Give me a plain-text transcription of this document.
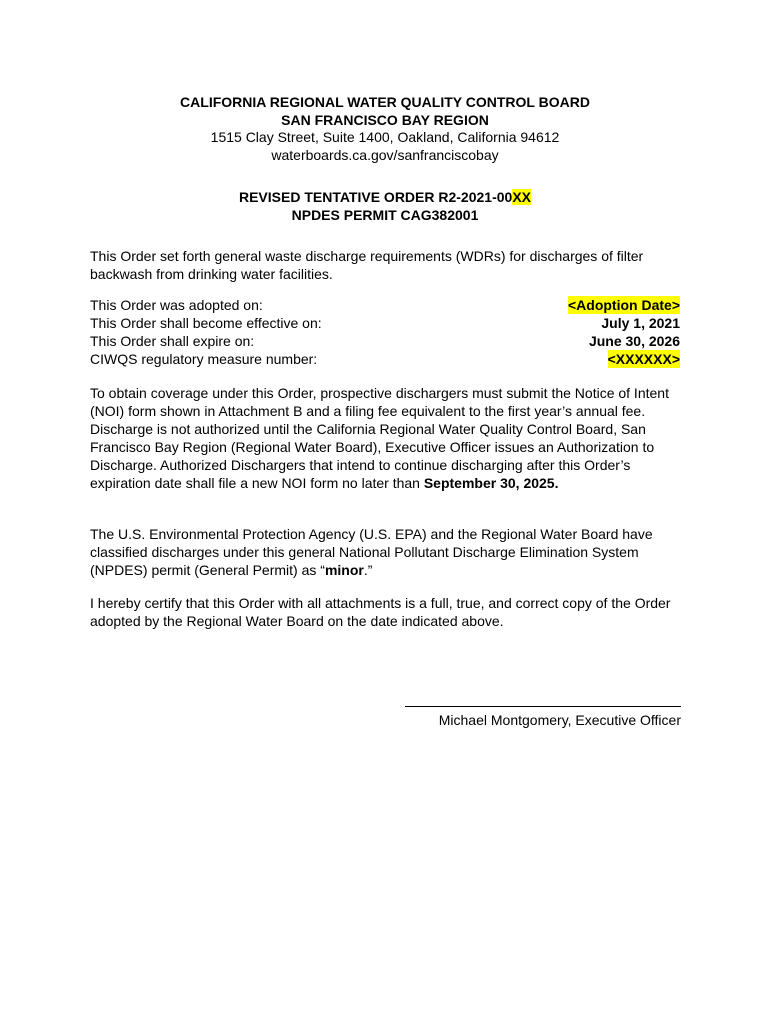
CALIFORNIA REGIONAL WATER QUALITY CONTROL BOARD
SAN FRANCISCO BAY REGION
1515 Clay Street, Suite 1400, Oakland, California 94612
waterboards.ca.gov/sanfranciscobay
REVISED TENTATIVE ORDER R2-2021-00XX
NPDES PERMIT CAG382001
This Order set forth general waste discharge requirements (WDRs) for discharges of filter backwash from drinking water facilities.
This Order was adopted on:	<Adoption Date>
This Order shall become effective on:	July 1, 2021
This Order shall expire on:	June 30, 2026
CIWQS regulatory measure number:	<XXXXXX>
To obtain coverage under this Order, prospective dischargers must submit the Notice of Intent (NOI) form shown in Attachment B and a filing fee equivalent to the first year’s annual fee. Discharge is not authorized until the California Regional Water Quality Control Board, San Francisco Bay Region (Regional Water Board), Executive Officer issues an Authorization to Discharge. Authorized Dischargers that intend to continue discharging after this Order’s expiration date shall file a new NOI form no later than September 30, 2025.
The U.S. Environmental Protection Agency (U.S. EPA) and the Regional Water Board have classified discharges under this general National Pollutant Discharge Elimination System (NPDES) permit (General Permit) as “minor.”
I hereby certify that this Order with all attachments is a full, true, and correct copy of the Order adopted by the Regional Water Board on the date indicated above.
Michael Montgomery, Executive Officer
